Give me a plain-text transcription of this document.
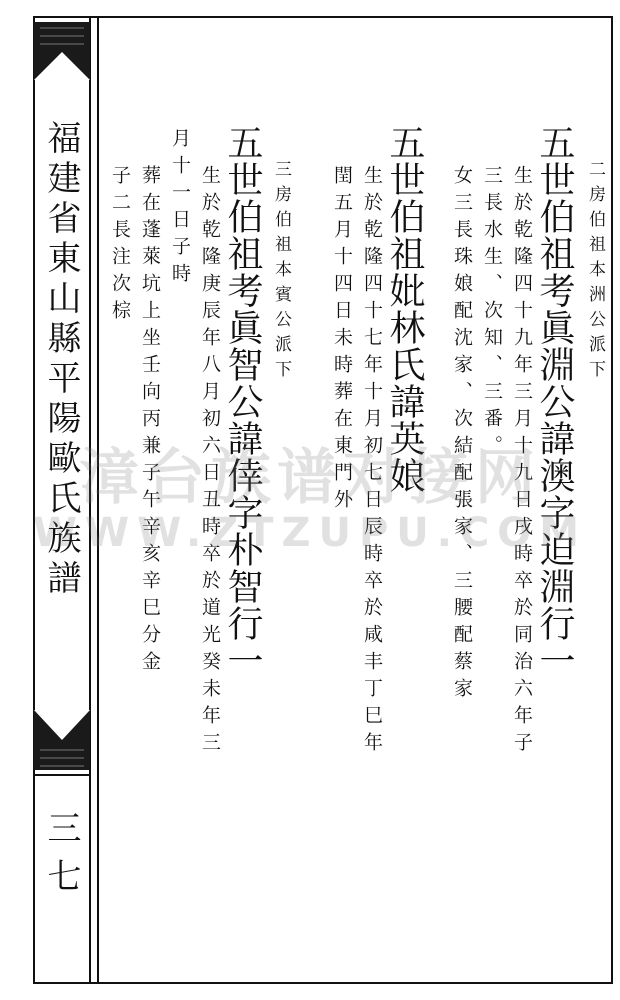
福建省東山縣平陽歐氏族譜
三七
二房伯祖本洲公派下
五世伯祖考眞淵公諱澳字迫淵行一
生於乾隆四十九年三月十九日戌時卒於同治六年子
三長水生、次知、三番。
女三長珠娘配沈家、次結配張家、三腰配蔡家
五世伯祖妣林氏諱英娘
生於乾隆四十七年十月初七日辰時卒於咸丰丁巳年
閏五月十四日未時葬在東門外
三房伯祖本賓公派下
五世伯祖考眞智公諱倖字朴智行一
生於乾隆庚辰年八月初六日丑時卒於道光癸未年三
月十一日子時
葬在蓬萊坑上坐壬向丙兼子午辛亥辛巳分金
子二長注次棕
漳台族谱对接网
WWW.ZTZUPU.COM
